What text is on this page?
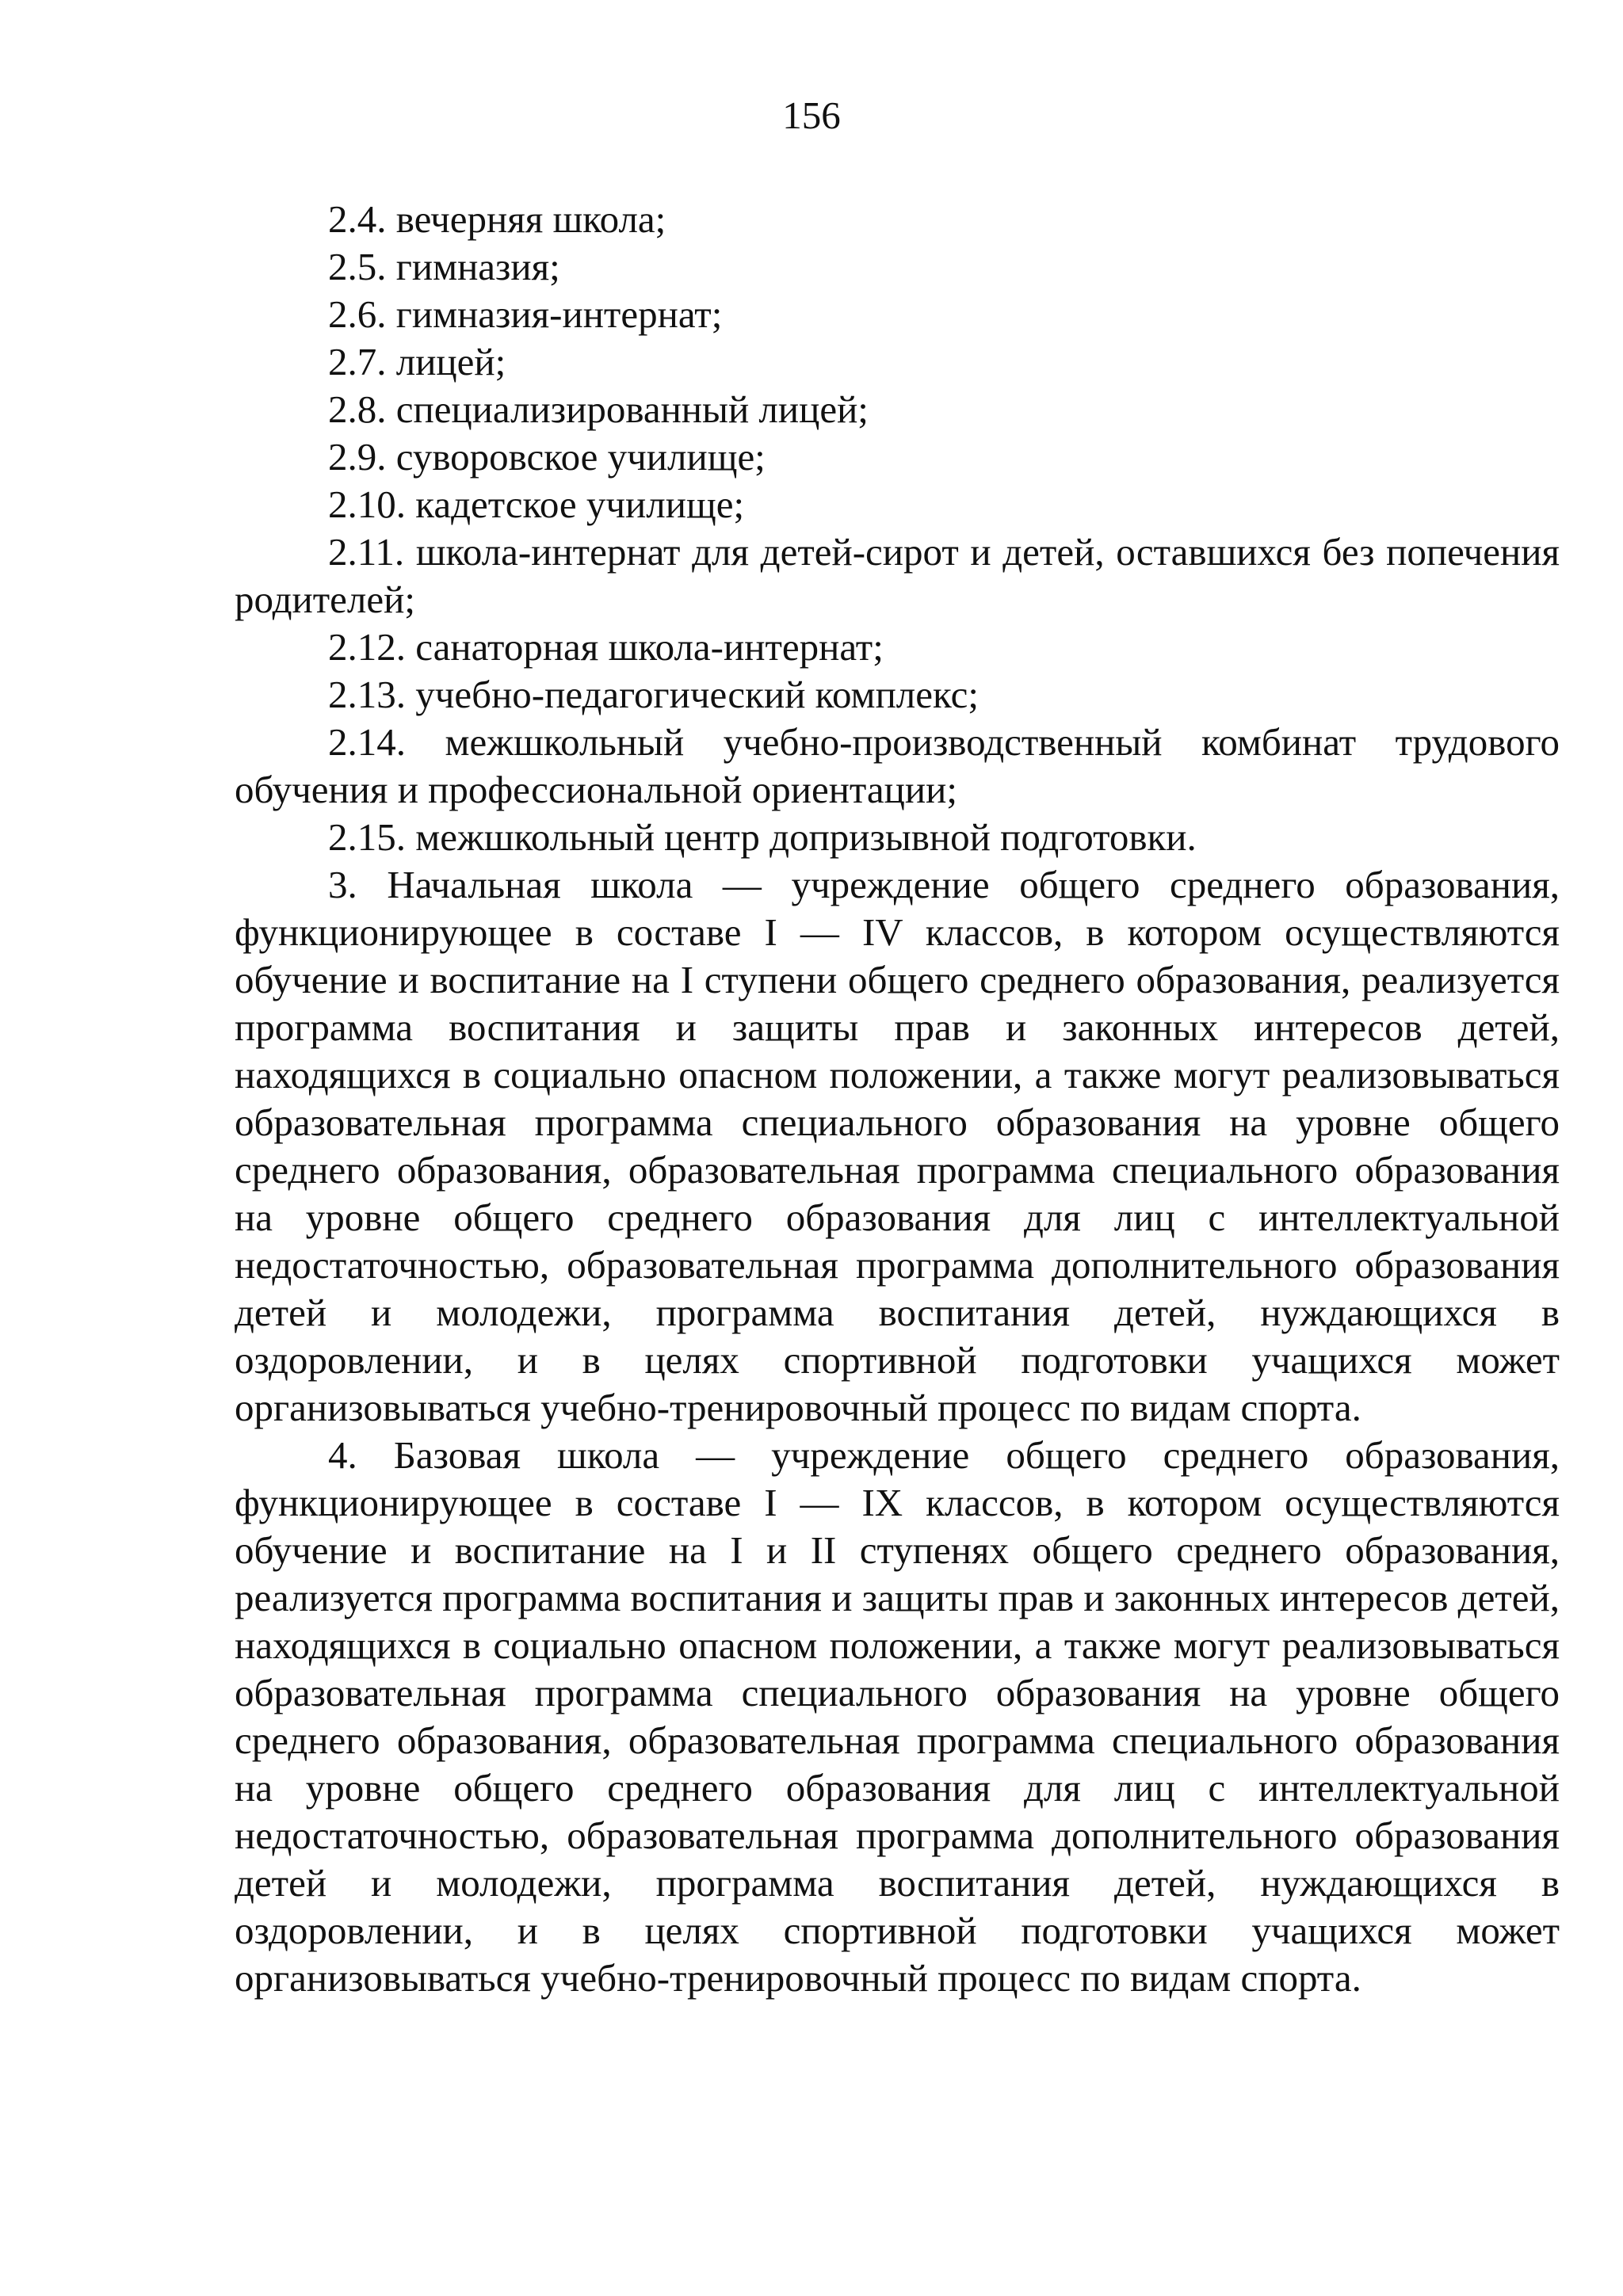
156

2.4. вечерняя школа;

2.5. гимназия;

2.6. гимназия-интернат;

2.7. лицей;

2.8. специализированный лицей;

2.9. суворовское училище;

2.10. кадетское училище;

2.11. школа-интернат для детей-сирот и детей, оставшихся без попечения родителей;

2.12. санаторная школа-интернат;

2.13. учебно-педагогический комплекс;

2.14. межшкольный учебно-производственный комбинат трудового обучения и профессиональной ориентации;

2.15. межшкольный центр допризывной подготовки.

3. Начальная школа — учреждение общего среднего образования, функционирующее в составе I — IV классов, в котором осуществляются обучение и воспитание на I ступени общего среднего образования, реализуется программа воспитания и защиты прав и законных интересов детей, находящихся в социально опасном положении, а также могут реализовываться образовательная программа специального образования на уровне общего среднего образования, образовательная программа специального образования на уровне общего среднего образования для лиц с интеллектуальной недостаточностью, образовательная программа дополнительного образования детей и молодежи, программа воспитания детей, нуждающихся в оздоровлении, и в целях спортивной подготовки учащихся может организовываться учебно-тренировочный процесс по видам спорта.

4. Базовая школа — учреждение общего среднего образования, функционирующее в составе I — IX классов, в котором осуществляются обучение и воспитание на I и II ступенях общего среднего образования, реализуется программа воспитания и защиты прав и законных интересов детей, находящихся в социально опасном положении, а также могут реализовываться образовательная программа специального образования на уровне общего среднего образования, образовательная программа специального образования на уровне общего среднего образования для лиц с интеллектуальной недостаточностью, образовательная программа дополнительного образования детей и молодежи, программа воспитания детей, нуждающихся в оздоровлении, и в целях спортивной подготовки учащихся может организовываться учебно-тренировочный процесс по видам спорта.
